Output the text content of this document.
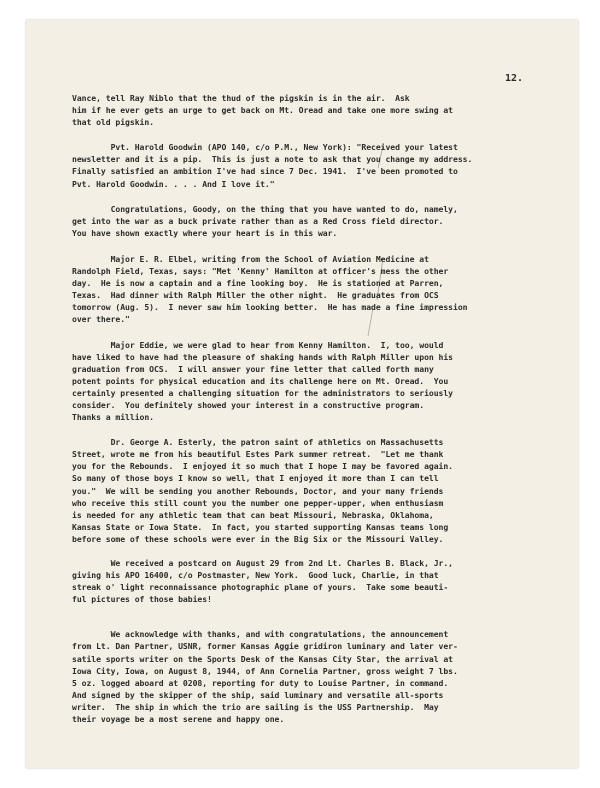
12.

Vance, tell Ray Niblo that the thud of the pigskin is in the air.  Ask
him if he ever gets an urge to get back on Mt. Oread and take one more swing at
that old pigskin.

Pvt. Harold Goodwin (APO 140, c/o P.M., New York): "Received your latest
newsletter and it is a pip.  This is just a note to ask that you change my address.
Finally satisfied an ambition I've had since 7 Dec. 1941.  I've been promoted to
Pvt. Harold Goodwin. . . . And I love it."

Congratulations, Goody, on the thing that you have wanted to do, namely,
get into the war as a buck private rather than as a Red Cross field director.
You have shown exactly where your heart is in this war.

Major E. R. Elbel, writing from the School of Aviation Medicine at
Randolph Field, Texas, says: "Met 'Kenny' Hamilton at officer's mess the other
day.  He is now a captain and a fine looking boy.  He is stationed at Parren,
Texas.  Had dinner with Ralph Miller the other night.  He graduates from OCS
tomorrow (Aug. 5).  I never saw him looking better.  He has made a fine impression
over there."

Major Eddie, we were glad to hear from Kenny Hamilton.  I, too, would
have liked to have had the pleasure of shaking hands with Ralph Miller upon his
graduation from OCS.  I will answer your fine letter that called forth many
potent points for physical education and its challenge here on Mt. Oread.  You
certainly presented a challenging situation for the administrators to seriously
consider.  You definitely showed your interest in a constructive program.
Thanks a million.

Dr. George A. Esterly, the patron saint of athletics on Massachusetts
Street, wrote me from his beautiful Estes Park summer retreat.  "Let me thank
you for the Rebounds.  I enjoyed it so much that I hope I may be favored again.
So many of those boys I know so well, that I enjoyed it more than I can tell
you."  We will be sending you another Rebounds, Doctor, and your many friends
who receive this still count you the number one pepper-upper, when enthusiasm
is needed for any athletic team that can beat Missouri, Nebraska, Oklahoma,
Kansas State or Iowa State.  In fact, you started supporting Kansas teams long
before some of these schools were ever in the Big Six or the Missouri Valley.

We received a postcard on August 29 from 2nd Lt. Charles B. Black, Jr.,
giving his APO 16400, c/o Postmaster, New York.  Good luck, Charlie, in that
streak o' light reconnaissance photographic plane of yours.  Take some beauti-
ful pictures of those babies!

We acknowledge with thanks, and with congratulations, the announcement
from Lt. Dan Partner, USNR, former Kansas Aggie gridiron luminary and later ver-
satile sports writer on the Sports Desk of the Kansas City Star, the arrival at
Iowa City, Iowa, on August 8, 1944, of Ann Cornelia Partner, gross weight 7 lbs.
5 oz. logged aboard at 0208, reporting for duty to Louise Partner, in command.
And signed by the skipper of the ship, said luminary and versatile all-sports
writer.  The ship in which the trio are sailing is the USS Partnership.  May
their voyage be a most serene and happy one.
